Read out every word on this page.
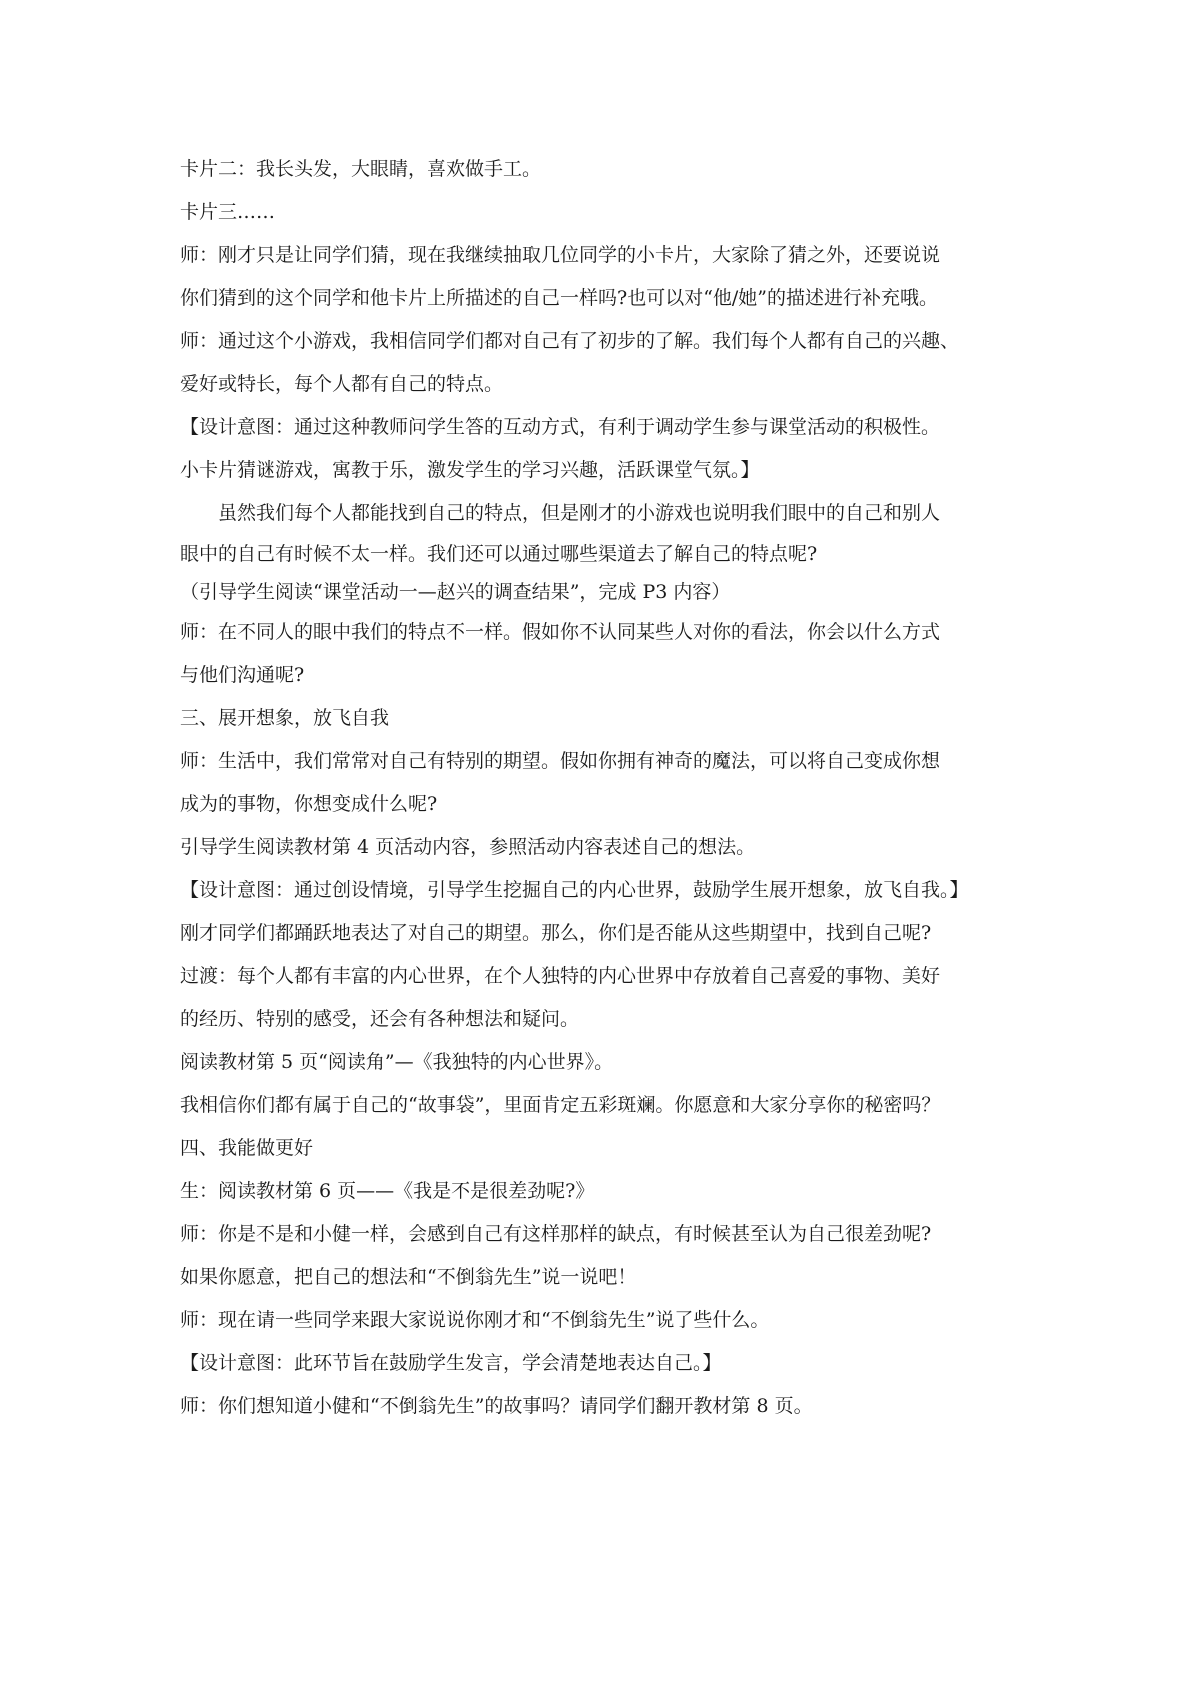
卡片二：我长头发，大眼睛，喜欢做手工。
卡片三……
师：刚才只是让同学们猜，现在我继续抽取几位同学的小卡片，大家除了猜之外，还要说说
你们猜到的这个同学和他卡片上所描述的自己一样吗?也可以对“他/她”的描述进行补充哦。
师：通过这个小游戏，我相信同学们都对自己有了初步的了解。我们每个人都有自己的兴趣、
爱好或特长，每个人都有自己的特点。
【设计意图：通过这种教师问学生答的互动方式，有利于调动学生参与课堂活动的积极性。
小卡片猜谜游戏，寓教于乐，激发学生的学习兴趣，活跃课堂气氛。】
虽然我们每个人都能找到自己的特点，但是刚才的小游戏也说明我们眼中的自己和别人
眼中的自己有时候不太一样。我们还可以通过哪些渠道去了解自己的特点呢?
（引导学生阅读“课堂活动一—赵兴的调查结果”，完成 P3 内容）
师：在不同人的眼中我们的特点不一样。假如你不认同某些人对你的看法，你会以什么方式
与他们沟通呢?
三、展开想象，放飞自我
师：生活中，我们常常对自己有特别的期望。假如你拥有神奇的魔法，可以将自己变成你想
成为的事物，你想变成什么呢?
引导学生阅读教材第 4 页活动内容，参照活动内容表述自己的想法。
【设计意图：通过创设情境，引导学生挖掘自己的内心世界，鼓励学生展开想象，放飞自我。】
刚才同学们都踊跃地表达了对自己的期望。那么，你们是否能从这些期望中，找到自己呢?
过渡：每个人都有丰富的内心世界，在个人独特的内心世界中存放着自己喜爱的事物、美好
的经历、特别的感受，还会有各种想法和疑问。
阅读教材第 5 页“阅读角”—《我独特的内心世界》。
我相信你们都有属于自己的“故事袋”，里面肯定五彩斑斓。你愿意和大家分享你的秘密吗？
四、我能做更好
生：阅读教材第 6 页——《我是不是很差劲呢?》
师：你是不是和小健一样，会感到自己有这样那样的缺点，有时候甚至认为自己很差劲呢?
如果你愿意，把自己的想法和“不倒翁先生”说一说吧！
师：现在请一些同学来跟大家说说你刚才和“不倒翁先生”说了些什么。
【设计意图：此环节旨在鼓励学生发言，学会清楚地表达自己。】
师：你们想知道小健和“不倒翁先生”的故事吗？请同学们翻开教材第 8 页。
